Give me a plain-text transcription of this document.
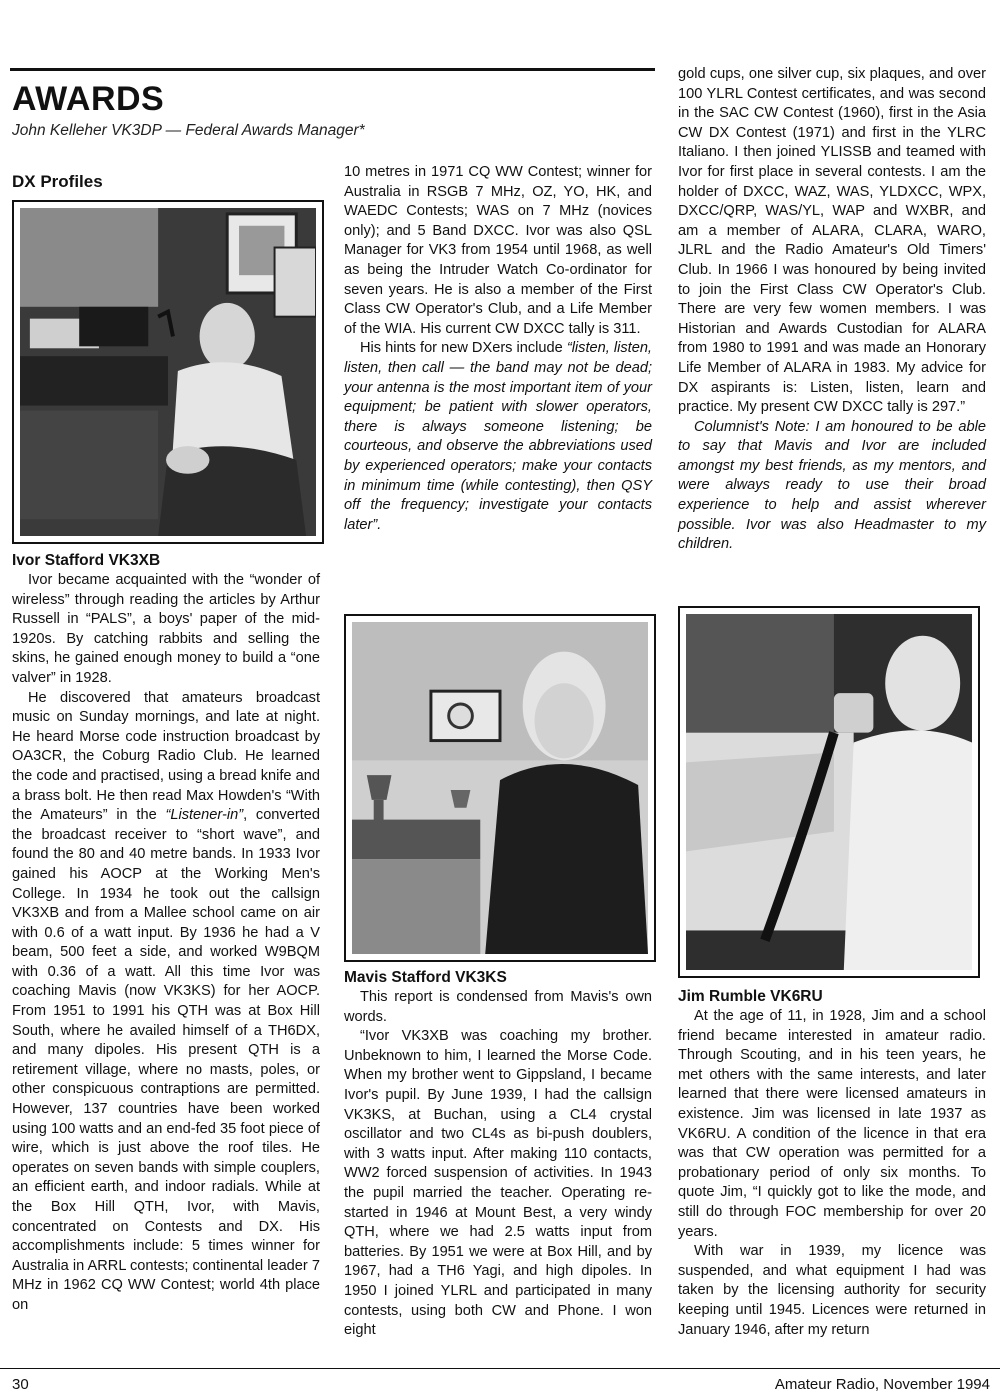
AWARDS
John Kelleher VK3DP — Federal Awards Manager*
DX Profiles
Ivor Stafford VK3XB

Ivor became acquainted with the “wonder of wireless” through reading the articles by Arthur Russell in “PALS”, a boys' paper of the mid-1920s. By catching rabbits and selling the skins, he gained enough money to build a “one valver” in 1928.

He discovered that amateurs broadcast music on Sunday mornings, and late at night. He heard Morse code instruction broadcast by OA3CR, the Coburg Radio Club. He learned the code and practised, using a bread knife and a brass bolt. He then read Max Howden's “With the Amateurs” in the “Listener-in”, converted the broadcast receiver to “short wave”, and found the 80 and 40 metre bands. In 1933 Ivor gained his AOCP at the Working Men's College. In 1934 he took out the callsign VK3XB and from a Mallee school came on air with 0.6 of a watt input. By 1936 he had a V beam, 500 feet a side, and worked W9BQM with 0.36 of a watt. All this time Ivor was coaching Mavis (now VK3KS) for her AOCP. From 1951 to 1991 his QTH was at Box Hill South, where he availed himself of a TH6DX, and many dipoles. His present QTH is a retirement village, where no masts, poles, or other conspicuous contraptions are permitted. However, 137 countries have been worked using 100 watts and an end-fed 35 foot piece of wire, which is just above the roof tiles. He operates on seven bands with simple couplers, an efficient earth, and indoor radials. While at the Box Hill QTH, Ivor, with Mavis, concentrated on Contests and DX. His accomplishments include: 5 times winner for Australia in ARRL contests; continental leader 7 MHz in 1962 CQ WW Contest; world 4th place on

10 metres in 1971 CQ WW Contest; winner for Australia in RSGB 7 MHz, OZ, YO, HK, and WAEDC Contests; WAS on 7 MHz (novices only); and 5 Band DXCC. Ivor was also QSL Manager for VK3 from 1954 until 1968, as well as being the Intruder Watch Co-ordinator for seven years. He is also a member of the First Class CW Operator's Club, and a Life Member of the WIA. His current CW DXCC tally is 311.

His hints for new DXers include “listen, listen, listen, then call — the band may not be dead; your antenna is the most important item of your equipment; be patient with slower operators, there is always someone listening; be courteous, and observe the abbreviations used by experienced operators; make your contacts in minimum time (while contesting), then QSY off the frequency; investigate your contacts later”.

Mavis Stafford VK3KS

This report is condensed from Mavis's own words.

“Ivor VK3XB was coaching my brother. Unbeknown to him, I learned the Morse Code. When my brother went to Gippsland, I became Ivor's pupil. By June 1939, I had the callsign VK3KS, at Buchan, using a CL4 crystal oscillator and two CL4s as bi-push doublers, with 3 watts input. After making 110 contacts, WW2 forced suspension of activities. In 1943 the pupil married the teacher. Operating re-started in 1946 at Mount Best, a very windy QTH, where we had 2.5 watts input from batteries. By 1951 we were at Box Hill, and by 1967, had a TH6 Yagi, and high dipoles. In 1950 I joined YLRL and participated in many contests, using both CW and Phone. I won eight

gold cups, one silver cup, six plaques, and over 100 YLRL Contest certificates, and was second in the SAC CW Contest (1960), first in the Asia CW DX Contest (1971) and first in the YLRC Italiano. I then joined YLISSB and teamed with Ivor for first place in several contests. I am the holder of DXCC, WAZ, WAS, YLDXCC, WPX, DXCC/QRP, WAS/YL, WAP and WXBR, and am a member of ALARA, CLARA, WARO, JLRL and the Radio Amateur's Old Timers' Club. In 1966 I was honoured by being invited to join the First Class CW Operator's Club. There are very few women members. I was Historian and Awards Custodian for ALARA from 1980 to 1991 and was made an Honorary Life Member of ALARA in 1983. My advice for DX aspirants is: Listen, listen, learn and practice. My present CW DXCC tally is 297.”

Columnist's Note: I am honoured to be able to say that Mavis and Ivor are included amongst my best friends, as my mentors, and were always ready to use their broad experience to help and assist wherever possible. Ivor was also Headmaster to my children.

Jim Rumble VK6RU

At the age of 11, in 1928, Jim and a school friend became interested in amateur radio. Through Scouting, and in his teen years, he met others with the same interests, and later learned that there were licensed amateurs in existence. Jim was licensed in late 1937 as VK6RU. A condition of the licence in that era was that CW operation was permitted for a probationary period of only six months. To quote Jim, “I quickly got to like the mode, and still do through FOC membership for over 20 years.

With war in 1939, my licence was suspended, and what equipment I had was taken by the licensing authority for security keeping until 1945. Licences were returned in January 1946, after my return

30	Amateur Radio, November 1994
